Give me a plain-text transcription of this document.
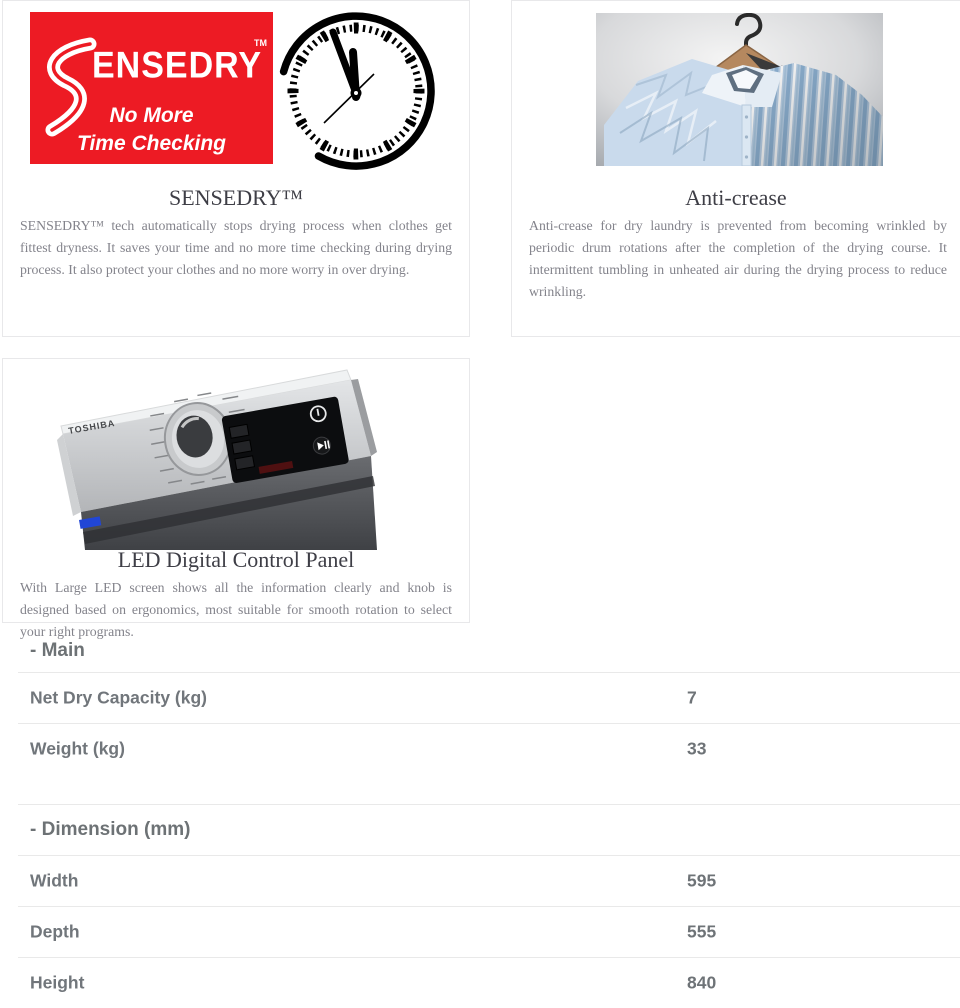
ENSEDRY
TM
No More
Time Checking
SENSEDRY™
SENSEDRY™ tech automatically stops drying process when clothes get fittest dryness. It saves your time and no more time checking during drying process. It also protect your clothes and no more worry in over drying.
Anti-crease
Anti-crease for dry laundry is prevented from becoming wrinkled by periodic drum rotations after the completion of the drying course. It intermittent tumbling in unheated air during the drying process to reduce wrinkling.
TOSHIBA
LED Digital Control Panel
With Large LED screen shows all the information clearly and knob is designed based on ergonomics, most suitable for smooth rotation to select your right programs.
- Main
Net Dry Capacity (kg)	7
Weight (kg)	33
- Dimension (mm)
Width	595
Depth	555
Height	840
